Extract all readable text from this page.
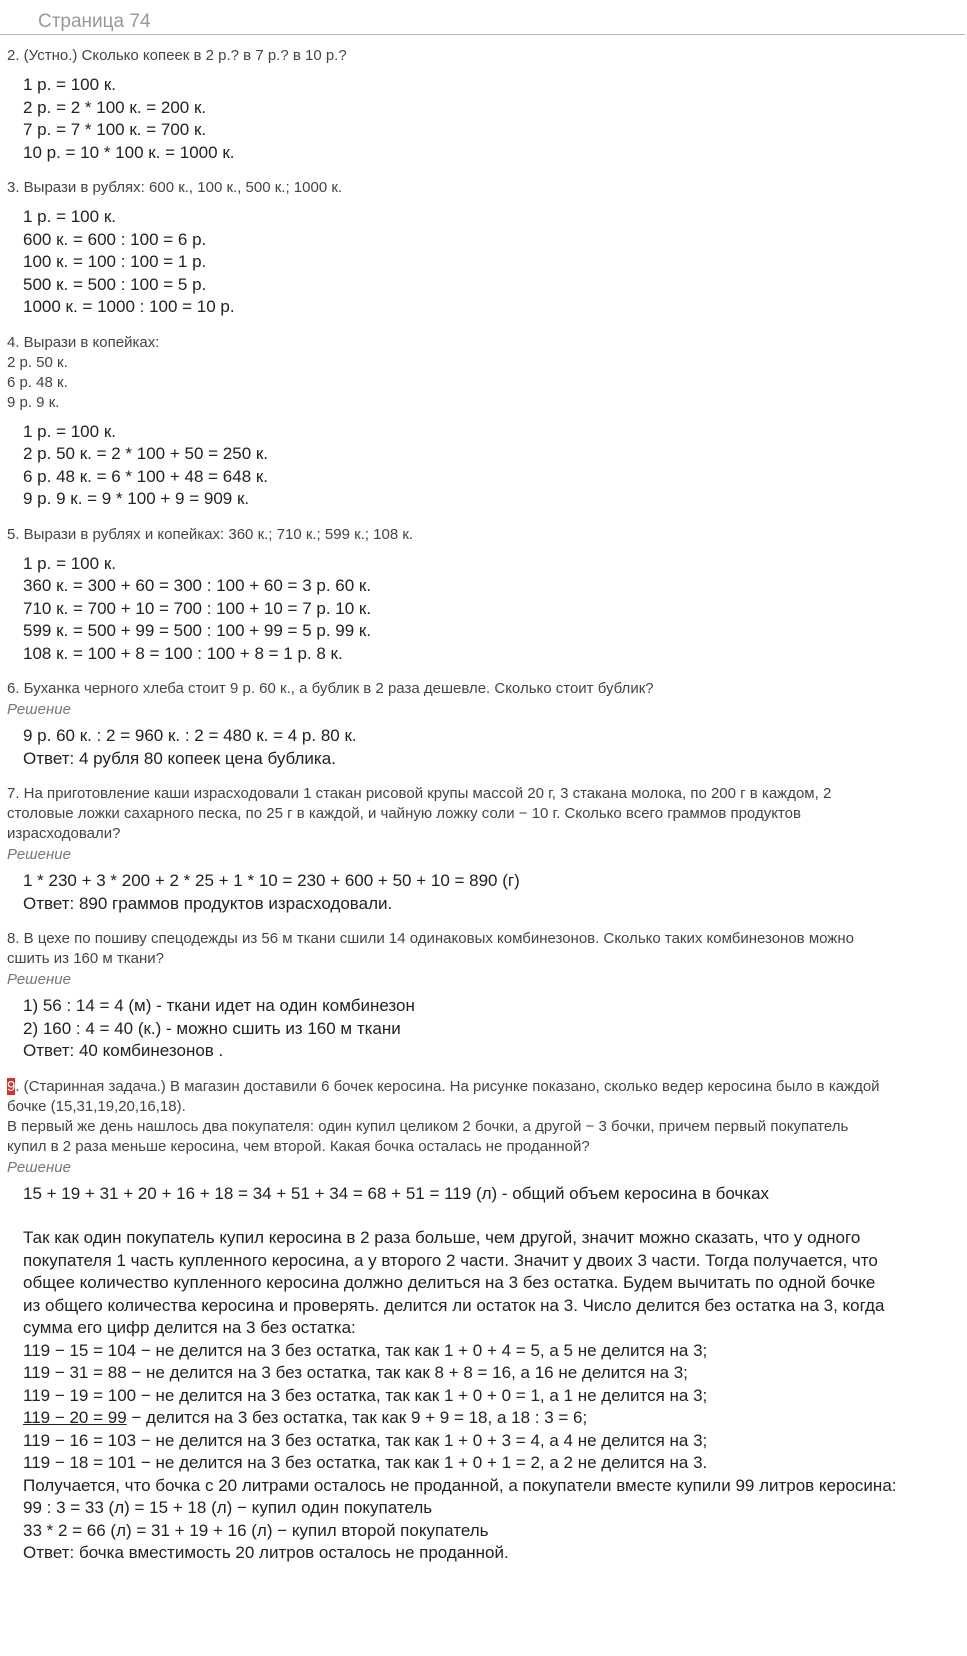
Страница 74

2. (Устно.) Сколько копеек в 2 р.? в 7 р.? в 10 р.?

1 р. = 100 к.
2 р. = 2 * 100 к. = 200 к.
7 р. = 7 * 100 к. = 700 к.
10 р. = 10 * 100 к. = 1000 к.

3. Вырази в рублях: 600 к., 100 к., 500 к.; 1000 к.

1 р. = 100 к.
600 к. = 600 : 100 = 6 р.
100 к. = 100 : 100 = 1 р.
500 к. = 500 : 100 = 5 р.
1000 к. = 1000 : 100 = 10 р.
4. Вырази в копейках:
2 р. 50 к.
6 р. 48 к.
9 р. 9 к.
1 р. = 100 к.
2 р. 50 к. = 2 * 100 + 50 = 250 к.
6 р. 48 к. = 6 * 100 + 48 = 648 к.
9 р. 9 к. = 9 * 100 + 9 = 909 к.

5. Вырази в рублях и копейках: 360 к.; 710 к.; 599 к.; 108 к.

1 р. = 100 к.
360 к. = 300 + 60 = 300 : 100 + 60 = 3 р. 60 к.
710 к. = 700 + 10 = 700 : 100 + 10 = 7 р. 10 к.
599 к. = 500 + 99 = 500 : 100 + 99 = 5 р. 99 к.
108 к. = 100 + 8 = 100 : 100 + 8 = 1 р. 8 к.

6. Буханка черного хлеба стоит 9 р. 60 к., а бублик в 2 раза дешевле. Сколько стоит бублик?

Решение

9 р. 60 к. : 2 = 960 к. : 2 = 480 к. = 4 р. 80 к.
Ответ: 4 рубля 80 копеек цена бублика.
7. На приготовление каши израсходовали 1 стакан рисовой крупы массой 20 г, 3 стакана молока, по 200 г в каждом, 2
столовые ложки сахарного песка, по 25 г в каждой, и чайную ложку соли − 10 г. Сколько всего граммов продуктов
израсходовали?

Решение

1 * 230 + 3 * 200 + 2 * 25 + 1 * 10 = 230 + 600 + 50 + 10 = 890 (г)
Ответ: 890 граммов продуктов израсходовали.
8. В цехе по пошиву спецодежды из 56 м ткани сшили 14 одинаковых комбинезонов. Сколько таких комбинезонов можно
сшить из 160 м ткани?

Решение

1) 56 : 14 = 4 (м) - ткани идет на один комбинезон
2) 160 : 4 = 40 (к.) - можно сшить из 160 м ткани
Ответ: 40 комбинезонов .
9. (Старинная задача.) В магазин доставили 6 бочек керосина. На рисунке показано, сколько ведер керосина было в каждой
бочке (15,31,19,20,16,18).
В первый же день нашлось два покупателя: один купил целиком 2 бочки, а другой − 3 бочки, причем первый покупатель
купил в 2 раза меньше керосина, чем второй. Какая бочка осталась не проданной?

Решение

15 + 19 + 31 + 20 + 16 + 18 = 34 + 51 + 34 = 68 + 51 = 119 (л) - общий объем керосина в бочках
Так как один покупатель купил керосина в 2 раза больше, чем другой, значит можно сказать, что у одного
покупателя 1 часть купленного керосина, а у второго 2 части. Значит у двоих 3 части. Тогда получается, что
общее количество купленного керосина должно делиться на 3 без остатка. Будем вычитать по одной бочке
из общего количества керосина и проверять. делится ли остаток на 3. Число делится без остатка на 3, когда
сумма его цифр делится на 3 без остатка:
119 − 15 = 104 − не делится на 3 без остатка, так как 1 + 0 + 4 = 5, а 5 не делится на 3;
119 − 31 = 88 − не делится на 3 без остатка, так как 8 + 8 = 16, а 16 не делится на 3;
119 − 19 = 100 − не делится на 3 без остатка, так как 1 + 0 + 0 = 1, а 1 не делится на 3;
119 − 20 = 99 − делится на 3 без остатка, так как 9 + 9 = 18, а 18 : 3 = 6;
119 − 16 = 103 − не делится на 3 без остатка, так как 1 + 0 + 3 = 4, а 4 не делится на 3;
119 − 18 = 101 − не делится на 3 без остатка, так как 1 + 0 + 1 = 2, а 2 не делится на 3.
Получается, что бочка с 20 литрами осталось не проданной, а покупатели вместе купили 99 литров керосина:
99 : 3 = 33 (л) = 15 + 18 (л) − купил один покупатель
33 * 2 = 66 (л) = 31 + 19 + 16 (л) − купил второй покупатель
Ответ: бочка вместимость 20 литров осталось не проданной.
